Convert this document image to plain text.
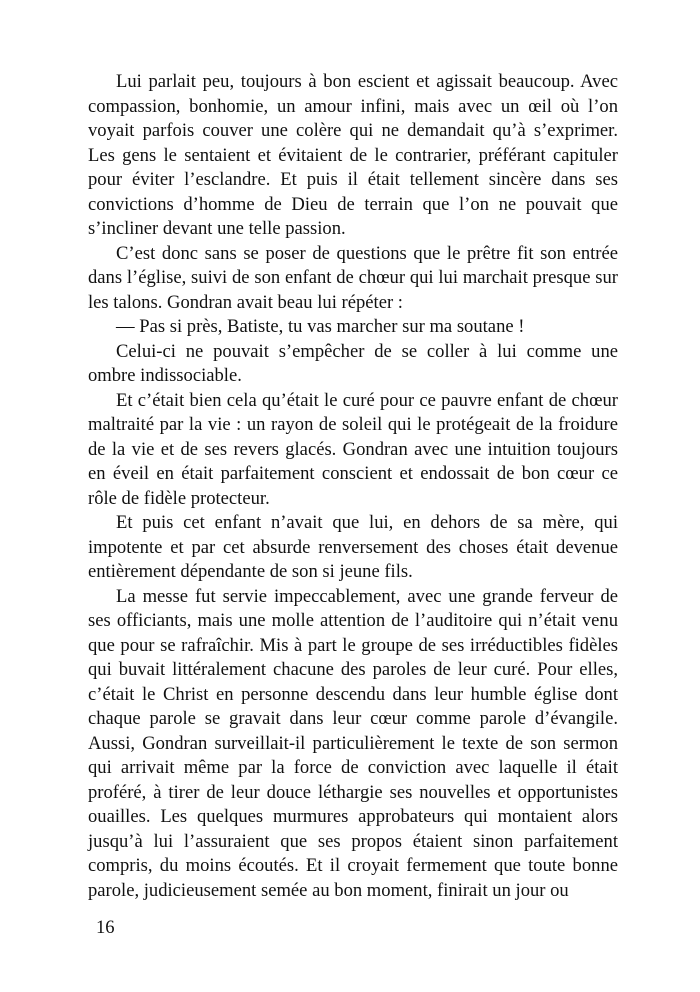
Lui parlait peu, toujours à bon escient et agissait beaucoup. Avec compassion, bonhomie, un amour infini, mais avec un œil où l’on voyait parfois couver une colère qui ne demandait qu’à s’exprimer. Les gens le sentaient et évitaient de le contrarier, préférant capituler pour éviter l’esclandre. Et puis il était tellement sincère dans ses convictions d’homme de Dieu de terrain que l’on ne pouvait que s’incliner devant une telle passion.

C’est donc sans se poser de questions que le prêtre fit son entrée dans l’église, suivi de son enfant de chœur qui lui marchait presque sur les talons. Gondran avait beau lui répéter :

— Pas si près, Batiste, tu vas marcher sur ma soutane !

Celui-ci ne pouvait s’empêcher de se coller à lui comme une ombre indissociable.

Et c’était bien cela qu’était le curé pour ce pauvre enfant de chœur maltraité par la vie : un rayon de soleil qui le protégeait de la froidure de la vie et de ses revers glacés. Gondran avec une intuition toujours en éveil en était parfaitement conscient et endossait de bon cœur ce rôle de fidèle protecteur.

Et puis cet enfant n’avait que lui, en dehors de sa mère, qui impotente et par cet absurde renversement des choses était devenue entièrement dépendante de son si jeune fils.

La messe fut servie impeccablement, avec une grande ferveur de ses officiants, mais une molle attention de l’auditoire qui n’était venu que pour se rafraîchir. Mis à part le groupe de ses irréductibles fidèles qui buvait littéralement chacune des paroles de leur curé. Pour elles, c’était le Christ en personne descendu dans leur humble église dont chaque parole se gravait dans leur cœur comme parole d’évangile. Aussi, Gondran surveillait-il particulièrement le texte de son sermon qui arrivait même par la force de conviction avec laquelle il était proféré, à tirer de leur douce léthargie ses nouvelles et opportunistes ouailles. Les quelques murmures approbateurs qui montaient alors jusqu’à lui l’assuraient que ses propos étaient sinon parfaitement compris, du moins écoutés. Et il croyait fermement que toute bonne parole, judicieusement semée au bon moment, finirait un jour ou

16
